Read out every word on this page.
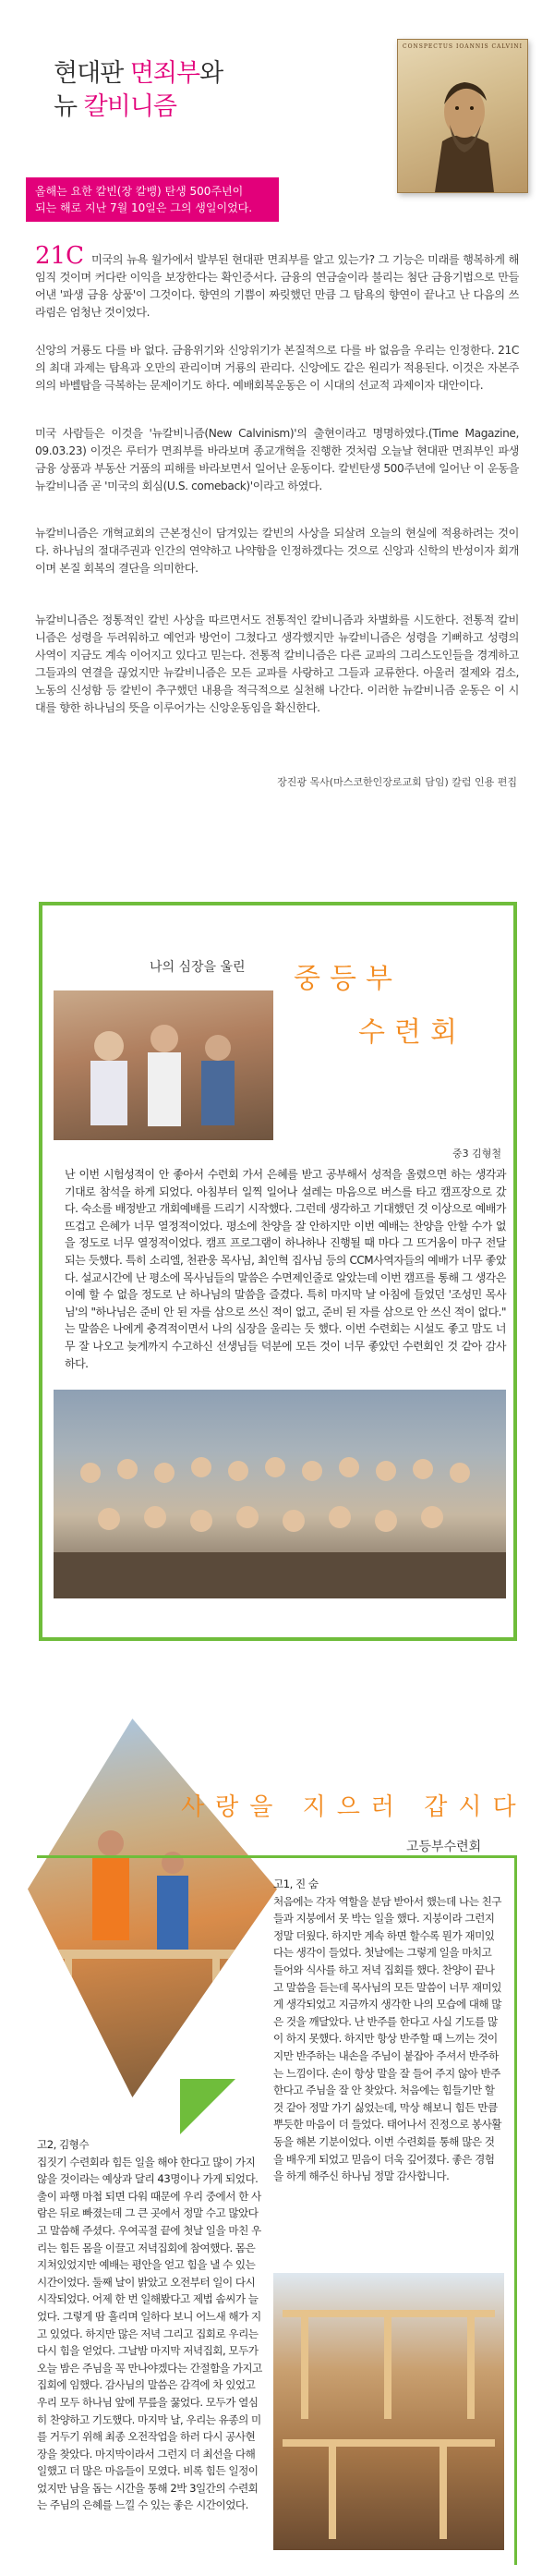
현대판 면죄부와
뉴 칼비니즘
CONSPECTUS IOANNIS CALVINI
올해는 요한 칼빈(장 칼뱅) 탄생 500주년이
되는 해로 지난 7월 10일은 그의 생일이었다.
21C 미국의 뉴욕 월가에서 발부된 현대판 면죄부를 알고 있는가? 그 기능은 미래를 행복하게 해 임직 것이며 커다란 이익을 보장한다는 확인증서다. 금융의 연금술이라 불리는 첨단 금융기법으로 만들어낸 '파생 금융 상품'이 그것이다. 향연의 기쁨이 짜릿했던 만큼 그 탐욕의 향연이 끝나고 난 다음의 쓰라림은 엄청난 것이었다.
신앙의 거룡도 다를 바 없다. 금융위기와 신앙위기가 본질적으로 다를 바 없음을 우리는 인정한다. 21C의 최대 과제는 탐욕과 오만의 관리이며 거룡의 관리다. 신앙에도 같은 원리가 적용된다. 이것은 자본주의의 바벨탑을 극복하는 문제이기도 하다. 예배회복운동은 이 시대의 선교적 과제이자 대안이다.
미국 사람들은 이것을 '뉴칼비니즘(New Calvinism)'의 출현이라고 명명하였다.(Time Magazine, 09.03.23) 이것은 루터가 면죄부를 바라보며 종교개혁을 진행한 것처럼 오늘날 현대판 면죄부인 파생 금융 상품과 부동산 거품의 피해를 바라보면서 일어난 운동이다. 칼빈탄생 500주년에 일어난 이 운동을 뉴칼비니즘 곧 '미국의 회심(U.S. comeback)'이라고 하였다.
뉴칼비니즘은 개혁교회의 근본정신이 담겨있는 칼빈의 사상을 되살려 오늘의 현실에 적용하려는 것이다. 하나님의 절대주권과 인간의 연약하고 나약함을 인정하겠다는 것으로 신앙과 신학의 반성이자 회개이며 본질 회복의 결단을 의미한다.
뉴칼비니즘은 정통적인 칼빈 사상을 따르면서도 전통적인 칼비니즘과 차별화를 시도한다. 전통적 칼비니즘은 성령을 두려워하고 예언과 방언이 그쳤다고 생각했지만 뉴칼비니즘은 성령을 기뻐하고 성령의 사역이 지금도 계속 이어지고 있다고 믿는다. 전통적 칼비니즘은 다른 교파의 그리스도인들을 경계하고 그들과의 연결을 끊었지만 뉴칼비니즘은 모든 교파를 사랑하고 그들과 교류한다. 아울러 절제와 검소, 노동의 신성함 등 칼빈이 추구했던 내용을 적극적으로 실천해 나간다. 이러한 뉴칼비니즘 운동은 이 시대를 향한 하나님의 뜻을 이루어가는 신앙운동임을 확신한다.
장진광 목사(마스코한인장로교회 담임) 칼럼 인용 편집
나의 심장을 울린 중등부
수련회
중3 김형철
난 이번 시험성적이 안 좋아서 수련회 가서 은혜를 받고 공부해서 성적을 올렸으면 하는 생각과 기대로 참석을 하게 되었다. 아침부터 일찍 일어나 설레는 마음으로 버스를 타고 캠프장으로 갔다. 숙소를 배정받고 개회예배를 드리기 시작했다. 그런데 생각하고 기대했던 것 이상으로 예배가 뜨겁고 은혜가 너무 열정적이었다. 평소에 찬양을 잘 안하지만 이번 예배는 찬양을 안할 수가 없을 정도로 너무 열정적이었다. 캠프 프로그램이 하나하나 진행될 때 마다 그 뜨거움이 마구 전달되는 듯했다. 특히 소리엘, 천관웅 목사님, 최인혁 집사님 등의 CCM사역자들의 예배가 너무 좋았다. 설교시간에 난 평소에 목사님들의 말씀은 수면제인줄로 알았는데 이번 캠프를 통해 그 생각은 이예 할 수 없을 정도로 난 하나님의 말씀을 즐겼다. 특히 마지막 날 아침에 들었던 '조성민 목사님'의 "하나님은 준비 안 된 자를 삼으로 쓰신 적이 없고, 준비 된 자를 삼으로 안 쓰신 적이 없다." 는 말씀은 나에게 충격적이면서 나의 심장을 울리는 듯 했다. 이번 수련회는 시설도 좋고 맘도 너무 잘 나오고 늦게까지 수고하신 선생님들 덕분에 모든 것이 너무 좋았던 수련회인 것 같아 감사하다.
사랑을 지으러 갑시다
고등부수련회
고1, 진 숨
처음에는 각자 역할을 분담 받아서 했는데 나는 친구들과 지붕에서 못 박는 일을 했다. 지붕이라 그런지 정말 더웠다. 하지만 계속 하면 할수록 뭔가 재미있다는 생각이 들었다. 첫날에는 그렇게 일을 마치고 들어와 식사를 하고 저녁 집회를 했다. 찬양이 끝나고 말씀을 듣는데 목사님의 모든 말씀이 너무 재미있게 생각되었고 지금까지 생각한 나의 모습에 대해 많은 것을 깨달았다. 난 반주를 한다고 사실 기도를 많이 하지 못했다. 하지만 항상 반주할 때 느끼는 것이지만 반주하는 내손을 주님이 붙잡아 주셔서 반주하는 느낌이다. 손이 항상 말을 잘 들어 주지 않아 반주한다고 주님을 잘 안 찾았다. 처음에는 힘들기만 할 것 같아 정말 가기 싫었는데, 막상 해보니 힘든 만큼 뿌듯한 마음이 더 들었다. 태어나서 진정으로 봉사활동을 해본 기분이었다. 이번 수련회를 통해 많은 것을 배우게 되었고 믿음이 더욱 깊어졌다. 좋은 경험을 하게 해주신 하나님 정말 감사합니다.
고2, 김형수
집짓기 수련회라 힘든 일을 해야 한다고 많이 가지 않을 것이라는 예상과 달리 43명이나 가게 되었다. 출이 파행 마첩 되면 다워 때문에 우리 중에서 한 사람은 뒤로 빠졌는데 그 큰 곳에서 정말 수고 많았다고 말씀해 주셨다. 우여곡절 끝에 첫날 일을 마친 우리는 힘든 몸을 이끌고 저녁집회에 참여했다. 몸은 지쳐있었지만 예배는 평안을 얻고 힘을 낼 수 있는 시간이었다. 둘째 날이 밝았고 오전부터 일이 다시 시작되었다. 어제 한 번 일해봤다고 제법 솜씨가 늘었다. 그렇게 땀 흘리며 일하다 보니 어느새 해가 지고 있었다. 하지만 많은 저녁 그리고 집회로 우리는 다시 힘을 얻었다. 그날밤 마지막 저녁집회, 모두가 오늘 밤은 주님을 꼭 만나야겠다는 간절함을 가지고 집회에 임했다. 감사님의 말씀은 감격에 차 있었고 우리 모두 하나님 앞에 무릎을 꿇었다. 모두가 열심히 찬양하고 기도했다. 마지막 날, 우리는 유종의 미를 거두기 위해 최종 오전작업을 하러 다시 공사현장을 찾았다. 마지막이라서 그런지 더 최선을 다해 일했고 더 많은 마음들이 모였다. 비록 힘든 일정이었지만 남을 돕는 시간을 통해 2박 3일간의 수련회는 주님의 은혜를 느낄 수 있는 좋은 시간이었다.
